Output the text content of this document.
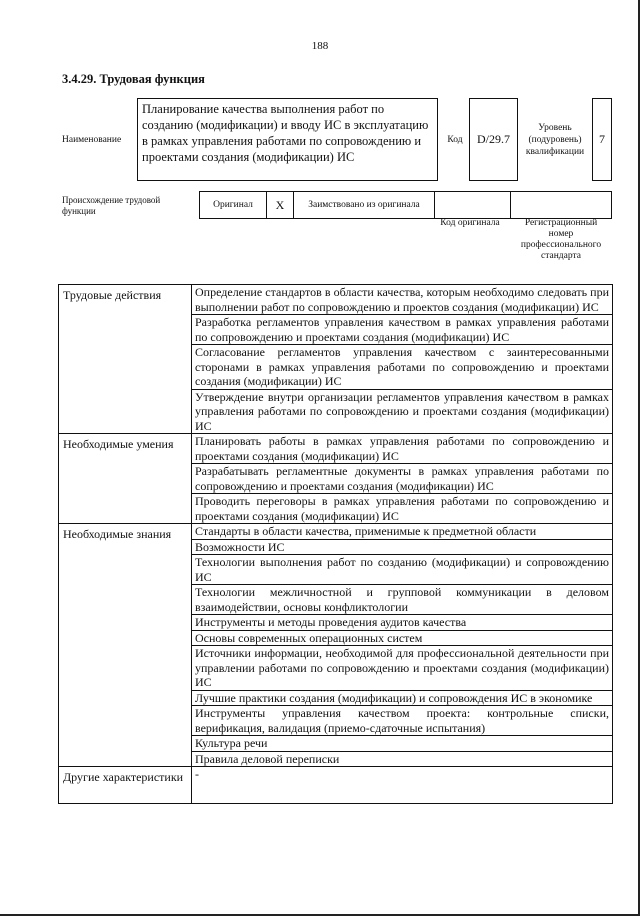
188
3.4.29. Трудовая функция
Наименование
Планирование качества выполнения работ по созданию (модификации) и вводу ИС в эксплуатацию в рамках управления работами по сопровождению и проектами создания (модификации) ИС
Код	D/29.7
Уровень (подуровень) квалификации
7
Происхождение трудовой функции
Оригинал	X	Заимствовано из оригинала		
Код оригинала	Регистрационный номер профессионального стандарта
Трудовые действия	Определение стандартов в области качества, которым необходимо следовать при выполнении работ по сопровождению и проектов создания (модификации) ИС
	Разработка регламентов управления качеством в рамках управления работами по сопровождению и проектами создания (модификации) ИС
	Согласование регламентов управления качеством с заинтересованными сторонами в рамках управления работами по сопровождению и проектами создания (модификации) ИС
	Утверждение внутри организации регламентов управления качеством в рамках управления работами по сопровождению и проектами создания (модификации) ИС
Необходимые умения	Планировать работы в рамках управления работами по сопровождению и проектами создания (модификации) ИС
	Разрабатывать регламентные документы в рамках управления работами по сопровождению и проектами создания (модификации) ИС
	Проводить переговоры в рамках управления работами по сопровождению и проектами создания (модификации) ИС
Необходимые знания	Стандарты в области качества, применимые к предметной области
	Возможности ИС
	Технологии выполнения работ по созданию (модификации) и сопровождению ИС
	Технологии межличностной и групповой коммуникации в деловом взаимодействии, основы конфликтологии
	Инструменты и методы проведения аудитов качества
	Основы современных операционных систем
	Источники информации, необходимой для профессиональной деятельности при управлении работами по сопровождению и проектами создания (модификации) ИС
	Лучшие практики создания (модификации) и сопровождения ИС в экономике
	Инструменты управления качеством проекта: контрольные списки, верификация, валидация (приемо-сдаточные испытания)
	Культура речи
	Правила деловой переписки
Другие характеристики	-
